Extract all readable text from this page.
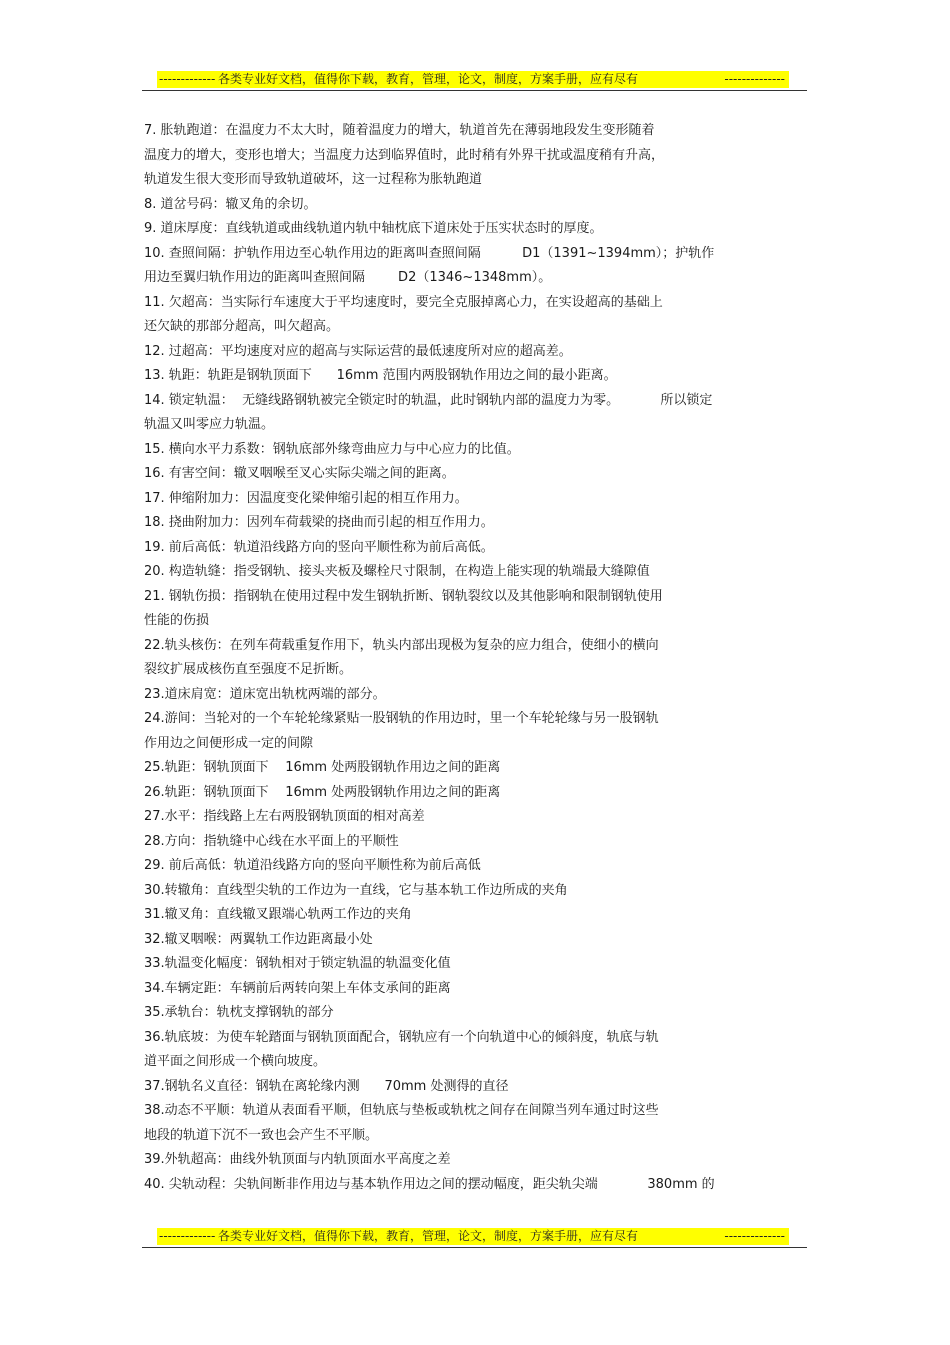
------------- 各类专业好文档，值得你下载，教育，管理，论文，制度，方案手册，应有尽有	--------------
7. 胀轨跑道：在温度力不太大时，随着温度力的增大，轨道首先在薄弱地段发生变形随着
温度力的增大，变形也增大；当温度力达到临界值时，此时稍有外界干扰或温度稍有升高，
轨道发生很大变形而导致轨道破坏，这一过程称为胀轨跑道
8. 道岔号码：辙叉角的余切。
9. 道床厚度：直线轨道或曲线轨道内轨中轴枕底下道床处于压实状态时的厚度。
10. 查照间隔：护轨作用边至心轨作用边的距离叫查照间隔          D1（1391~1394mm）；护轨作
用边至翼归轨作用边的距离叫查照间隔        D2（1346~1348mm）。
11. 欠超高：当实际行车速度大于平均速度时，要完全克服掉离心力，在实设超高的基础上
还欠缺的那部分超高，叫欠超高。
12. 过超高：平均速度对应的超高与实际运营的最低速度所对应的超高差。
13. 轨距：轨距是钢轨顶面下      16mm 范围内两股钢轨作用边之间的最小距离。
14. 锁定轨温：  无缝线路钢轨被完全锁定时的轨温，此时钢轨内部的温度力为零。          所以锁定
轨温又叫零应力轨温。
15. 横向水平力系数：钢轨底部外缘弯曲应力与中心应力的比值。
16. 有害空间：辙叉咽喉至叉心实际尖端之间的距离。
17. 伸缩附加力：因温度变化梁伸缩引起的相互作用力。
18. 挠曲附加力：因列车荷载梁的挠曲而引起的相互作用力。
19. 前后高低：轨道沿线路方向的竖向平顺性称为前后高低。
20. 构造轨缝：指受钢轨、接头夹板及螺栓尺寸限制，在构造上能实现的轨端最大缝隙值
21. 钢轨伤损：指钢轨在使用过程中发生钢轨折断、钢轨裂纹以及其他影响和限制钢轨使用
性能的伤损
22.轨头核伤：在列车荷载重复作用下，轨头内部出现极为复杂的应力组合，使细小的横向
裂纹扩展成核伤直至强度不足折断。
23.道床肩宽：道床宽出轨枕两端的部分。
24.游间：当轮对的一个车轮轮缘紧贴一股钢轨的作用边时，里一个车轮轮缘与另一股钢轨
作用边之间便形成一定的间隙
25.轨距：钢轨顶面下    16mm 处两股钢轨作用边之间的距离
26.轨距：钢轨顶面下    16mm 处两股钢轨作用边之间的距离
27.水平：指线路上左右两股钢轨顶面的相对高差
28.方向：指轨缝中心线在水平面上的平顺性
29. 前后高低：轨道沿线路方向的竖向平顺性称为前后高低
30.转辙角：直线型尖轨的工作边为一直线，它与基本轨工作边所成的夹角
31.辙叉角：直线辙叉跟端心轨两工作边的夹角
32.辙叉咽喉：两翼轨工作边距离最小处
33.轨温变化幅度：钢轨相对于锁定轨温的轨温变化值
34.车辆定距：车辆前后两转向架上车体支承间的距离
35.承轨台：轨枕支撑钢轨的部分
36.轨底坡：为使车轮踏面与钢轨顶面配合，钢轨应有一个向轨道中心的倾斜度，轨底与轨
道平面之间形成一个横向坡度。
37.钢轨名义直径：钢轨在离轮缘内测      70mm 处测得的直径
38.动态不平顺：轨道从表面看平顺，但轨底与垫板或轨枕之间存在间隙当列车通过时这些
地段的轨道下沉不一致也会产生不平顺。
39.外轨超高：曲线外轨顶面与内轨顶面水平高度之差
40. 尖轨动程：尖轨间断非作用边与基本轨作用边之间的摆动幅度，距尖轨尖端            380mm 的
------------- 各类专业好文档，值得你下载，教育，管理，论文，制度，方案手册，应有尽有	--------------
